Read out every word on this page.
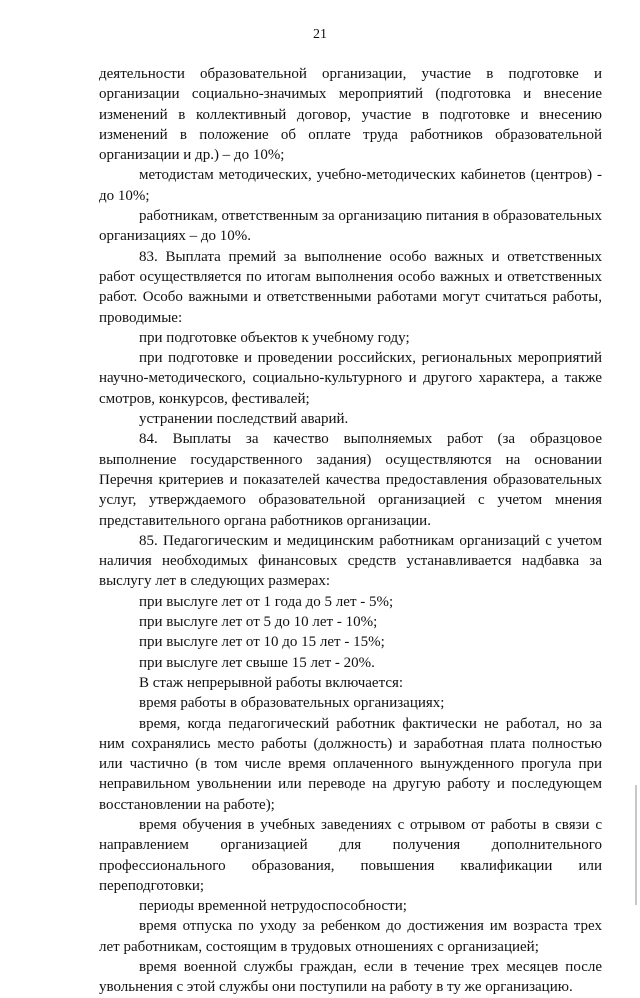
21

деятельности образовательной организации, участие в подготовке и организации социально-значимых мероприятий (подготовка и внесение изменений в коллективный договор, участие в подготовке и внесению изменений в положение об оплате труда работников образовательной организации и др.) – до 10%;

методистам методических, учебно-методических кабинетов (центров) - до 10%;

работникам, ответственным за организацию питания в образовательных организациях – до 10%.

83. Выплата премий за выполнение особо важных и ответственных работ осуществляется по итогам выполнения особо важных и ответственных работ. Особо важными и ответственными работами могут считаться работы, проводимые:

при подготовке объектов к учебному году;

при подготовке и проведении российских, региональных мероприятий научно-методического, социально-культурного и другого характера, а также смотров, конкурсов, фестивалей;

устранении последствий аварий.

84. Выплаты за качество выполняемых работ (за образцовое выполнение государственного задания) осуществляются на основании Перечня критериев и показателей качества предоставления образовательных услуг, утверждаемого образовательной организацией с учетом мнения представительного органа работников организации.

85. Педагогическим и медицинским работникам организаций с учетом наличия необходимых финансовых средств устанавливается надбавка за выслугу лет в следующих размерах:

при выслуге лет от 1 года до 5 лет - 5%;

при выслуге лет от 5 до 10 лет - 10%;

при выслуге лет от 10 до 15 лет - 15%;

при выслуге лет свыше 15 лет - 20%.

В стаж непрерывной работы включается:

время работы в образовательных организациях;

время, когда педагогический работник фактически не работал, но за ним сохранялись место работы (должность) и заработная плата полностью или частично (в том числе время оплаченного вынужденного прогула при неправильном увольнении или переводе на другую работу и последующем восстановлении на работе);

время обучения в учебных заведениях с отрывом от работы в связи с направлением организацией для получения дополнительного профессионального образования, повышения квалификации или переподготовки;

периоды временной нетрудоспособности;

время отпуска по уходу за ребенком до достижения им возраста трех лет работникам, состоящим в трудовых отношениях с организацией;

время военной службы граждан, если в течение трех месяцев после увольнения с этой службы они поступили на работу в ту же организацию.
